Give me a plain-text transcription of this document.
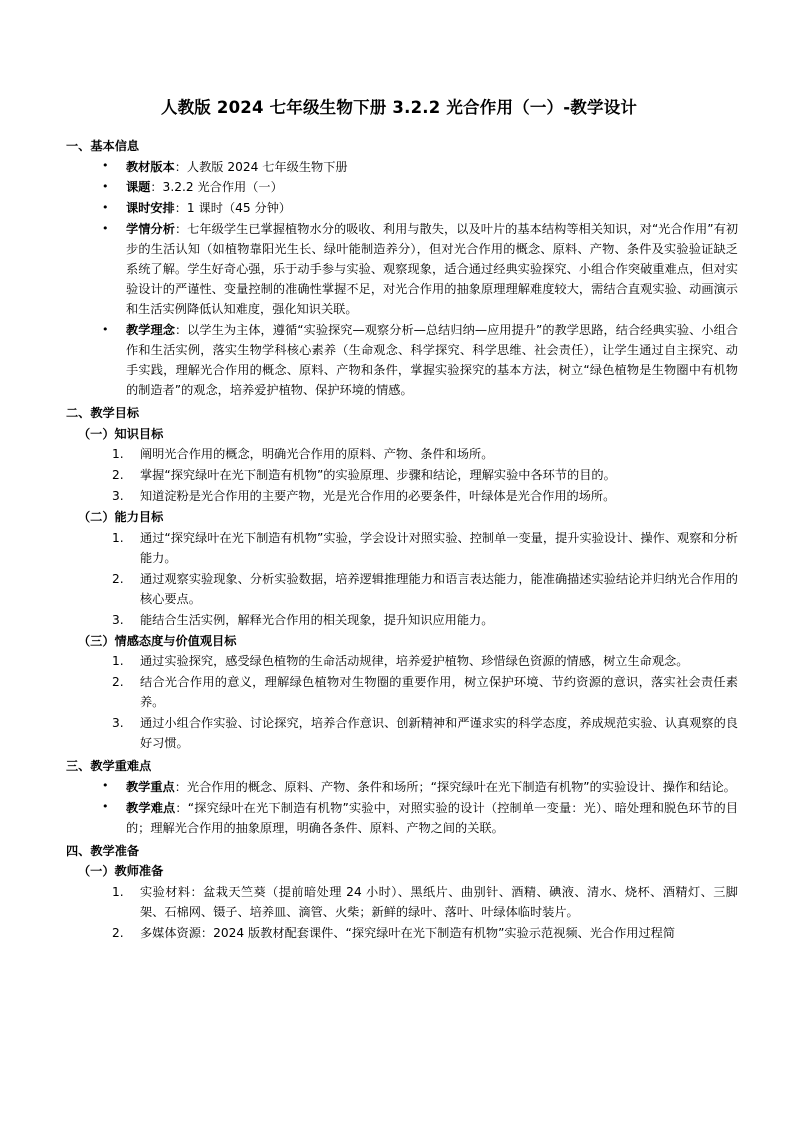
人教版 2024 七年级生物下册 3.2.2 光合作用（一）-教学设计
一、基本信息
• 教材版本：人教版 2024 七年级生物下册
• 课题：3.2.2 光合作用（一）
• 课时安排：1 课时（45 分钟）
• 学情分析：七年级学生已掌握植物水分的吸收、利用与散失，以及叶片的基本结构等相关知识，对“光合作用”有初步的生活认知（如植物靠阳光生长、绿叶能制造养分），但对光合作用的概念、原料、产物、条件及实验验证缺乏系统了解。学生好奇心强，乐于动手参与实验、观察现象，适合通过经典实验探究、小组合作突破重难点，但对实验设计的严谨性、变量控制的准确性掌握不足，对光合作用的抽象原理理解难度较大，需结合直观实验、动画演示和生活实例降低认知难度，强化知识关联。
• 教学理念：以学生为主体，遵循“实验探究—观察分析—总结归纳—应用提升”的教学思路，结合经典实验、小组合作和生活实例，落实生物学科核心素养（生命观念、科学探究、科学思维、社会责任），让学生通过自主探究、动手实践，理解光合作用的概念、原料、产物和条件，掌握实验探究的基本方法，树立“绿色植物是生物圈中有机物的制造者”的观念，培养爱护植物、保护环境的情感。
二、教学目标
（一）知识目标
阐明光合作用的概念，明确光合作用的原料、产物、条件和场所。
掌握“探究绿叶在光下制造有机物”的实验原理、步骤和结论，理解实验中各环节的目的。
知道淀粉是光合作用的主要产物，光是光合作用的必要条件，叶绿体是光合作用的场所。
（二）能力目标
通过“探究绿叶在光下制造有机物”实验，学会设计对照实验、控制单一变量，提升实验设计、操作、观察和分析能力。
通过观察实验现象、分析实验数据，培养逻辑推理能力和语言表达能力，能准确描述实验结论并归纳光合作用的核心要点。
能结合生活实例，解释光合作用的相关现象，提升知识应用能力。
（三）情感态度与价值观目标
通过实验探究，感受绿色植物的生命活动规律，培养爱护植物、珍惜绿色资源的情感，树立生命观念。
结合光合作用的意义，理解绿色植物对生物圈的重要作用，树立保护环境、节约资源的意识，落实社会责任素养。
通过小组合作实验、讨论探究，培养合作意识、创新精神和严谨求实的科学态度，养成规范实验、认真观察的良好习惯。
三、教学重难点
• 教学重点：光合作用的概念、原料、产物、条件和场所；“探究绿叶在光下制造有机物”的实验设计、操作和结论。
• 教学难点：“探究绿叶在光下制造有机物”实验中，对照实验的设计（控制单一变量：光）、暗处理和脱色环节的目的；理解光合作用的抽象原理，明确各条件、原料、产物之间的关联。
四、教学准备
（一）教师准备
实验材料：盆栽天竺葵（提前暗处理 24 小时）、黑纸片、曲别针、酒精、碘液、清水、烧杯、酒精灯、三脚架、石棉网、镊子、培养皿、滴管、火柴；新鲜的绿叶、落叶、叶绿体临时装片。
多媒体资源：2024 版教材配套课件、“探究绿叶在光下制造有机物”实验示范视频、光合作用过程简
